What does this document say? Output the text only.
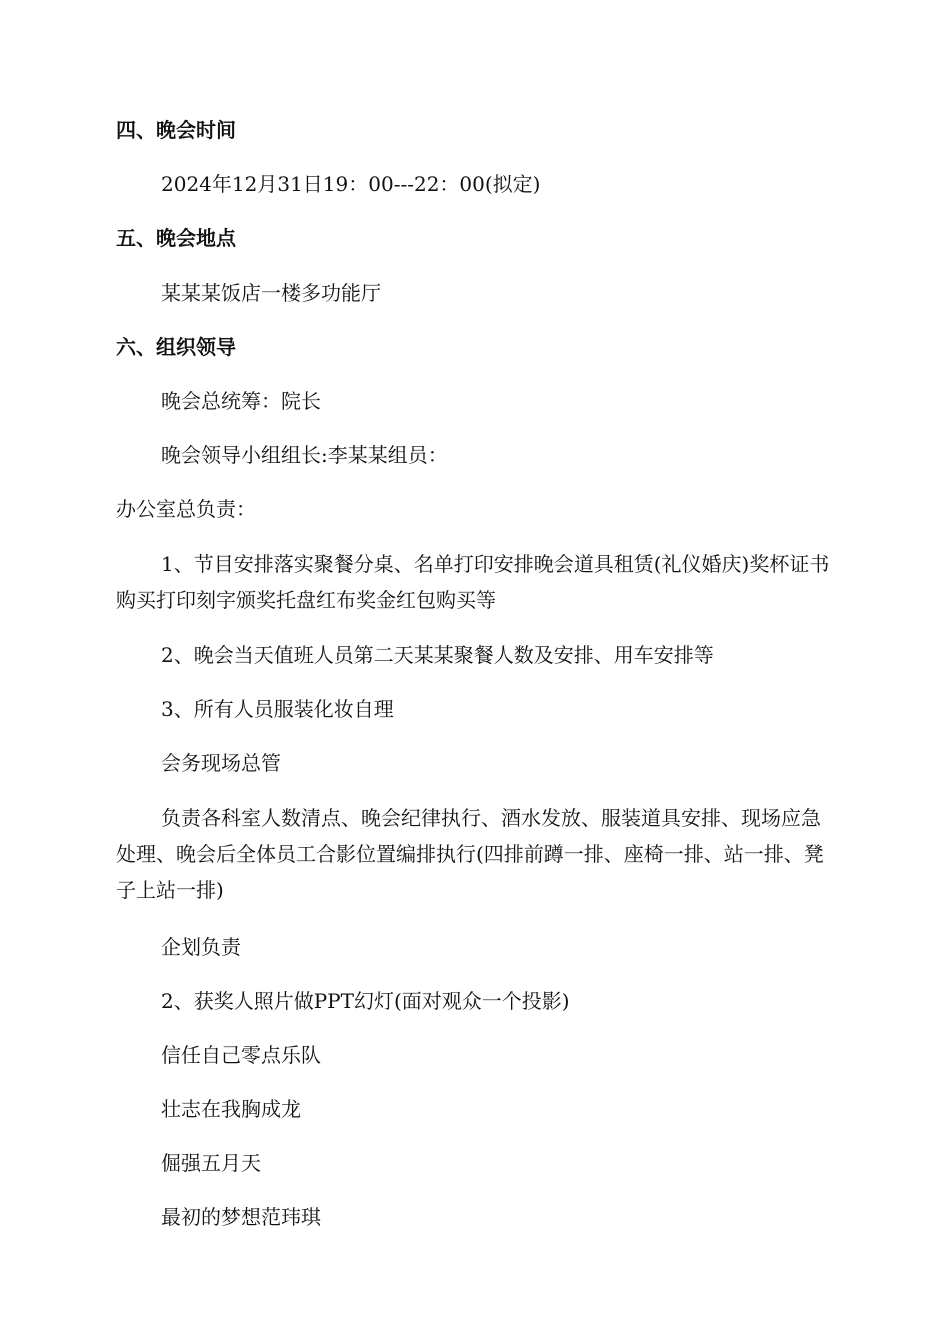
四、晚会时间
2024年12月31日19：00---22：00(拟定)
五、晚会地点
某某某饭店一楼多功能厅
六、组织领导
晚会总统筹：院长
晚会领导小组组长:李某某组员：
办公室总负责：
1、节目安排落实聚餐分桌、名单打印安排晚会道具租赁(礼仪婚庆)奖杯证书购买打印刻字颁奖托盘红布奖金红包购买等
2、晚会当天值班人员第二天某某聚餐人数及安排、用车安排等
3、所有人员服装化妆自理
会务现场总管
负责各科室人数清点、晚会纪律执行、酒水发放、服装道具安排、现场应急处理、晚会后全体员工合影位置编排执行(四排前蹲一排、座椅一排、站一排、凳子上站一排)
企划负责
2、获奖人照片做PPT幻灯(面对观众一个投影)
信任自己零点乐队
壮志在我胸成龙
倔强五月天
最初的梦想范玮琪
